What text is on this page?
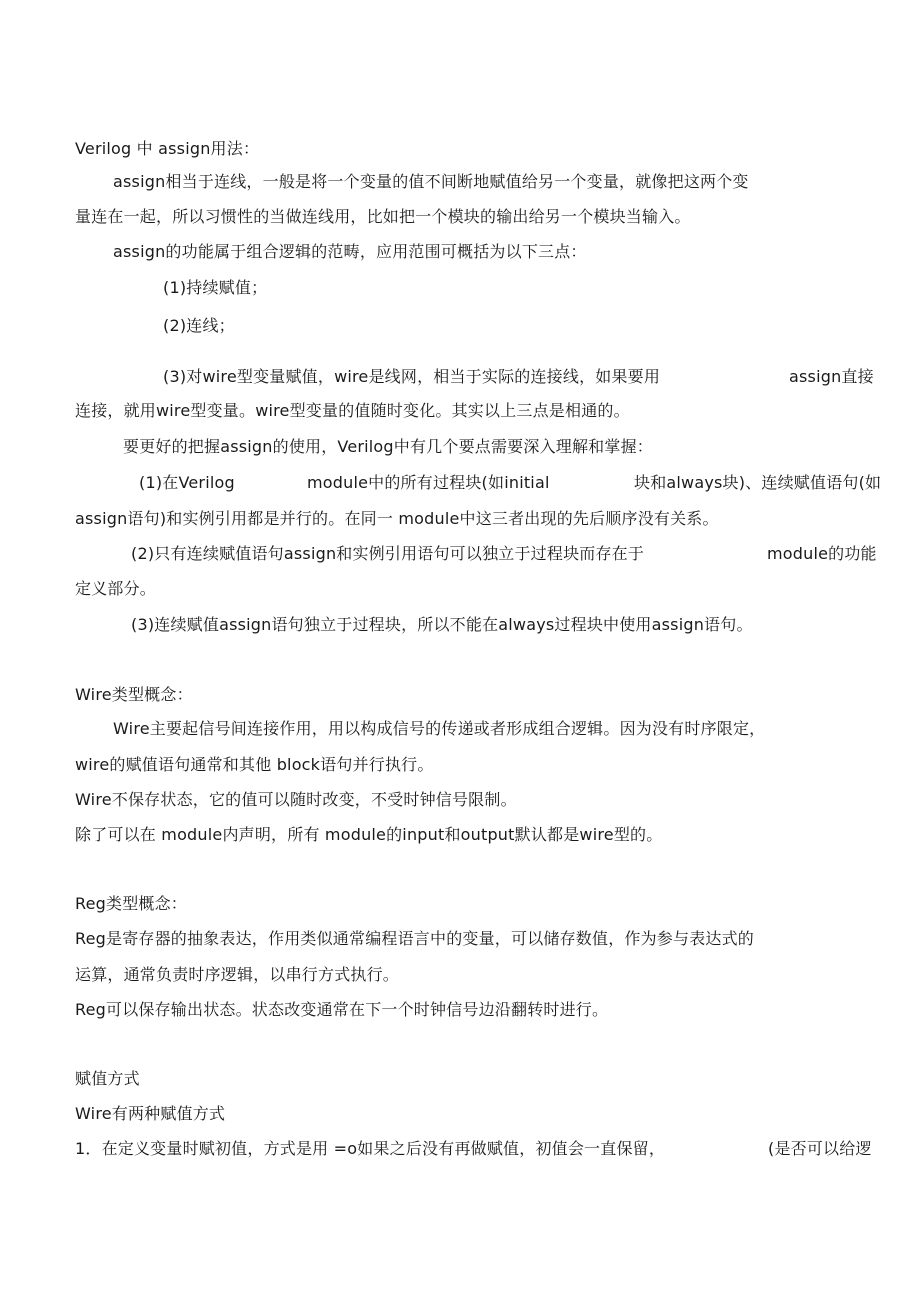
Verilog 中 assign用法：

assign相当于连线，一般是将一个变量的值不间断地赋值给另一个变量，就像把这两个变

量连在一起，所以习惯性的当做连线用，比如把一个模块的输出给另一个模块当输入。

assign的功能属于组合逻辑的范畴，应用范围可概括为以下三点：

(1)持续赋值；

(2)连线；

(3)对wire型变量赋值，wire是线网，相当于实际的连接线，如果要用	assign直接

连接，就用wire型变量。wire型变量的值随时变化。其实以上三点是相通的。

要更好的把握assign的使用，Verilog中有几个要点需要深入理解和掌握：

(1)在Verilog	module中的所有过程块(如initial	块和always块)、连续赋值语句(如

assign语句)和实例引用都是并行的。在同一 module中这三者出现的先后顺序没有关系。

(2)只有连续赋值语句assign和实例引用语句可以独立于过程块而存在于	module的功能

定义部分。

(3)连续赋值assign语句独立于过程块，所以不能在always过程块中使用assign语句。

Wire类型概念：

Wire主要起信号间连接作用，用以构成信号的传递或者形成组合逻辑。因为没有时序限定，

wire的赋值语句通常和其他 block语句并行执行。

Wire不保存状态，它的值可以随时改变，不受时钟信号限制。

除了可以在 module内声明，所有 module的input和output默认都是wire型的。

Reg类型概念：

Reg是寄存器的抽象表达，作用类似通常编程语言中的变量，可以储存数值，作为参与表达式的

运算，通常负责时序逻辑，以串行方式执行。

Reg可以保存输出状态。状态改变通常在下一个时钟信号边沿翻转时进行。

赋值方式

Wire有两种赋值方式

1．在定义变量时赋初值，方式是用 =o如果之后没有再做赋值，初值会一直保留，	(是否可以给逻
